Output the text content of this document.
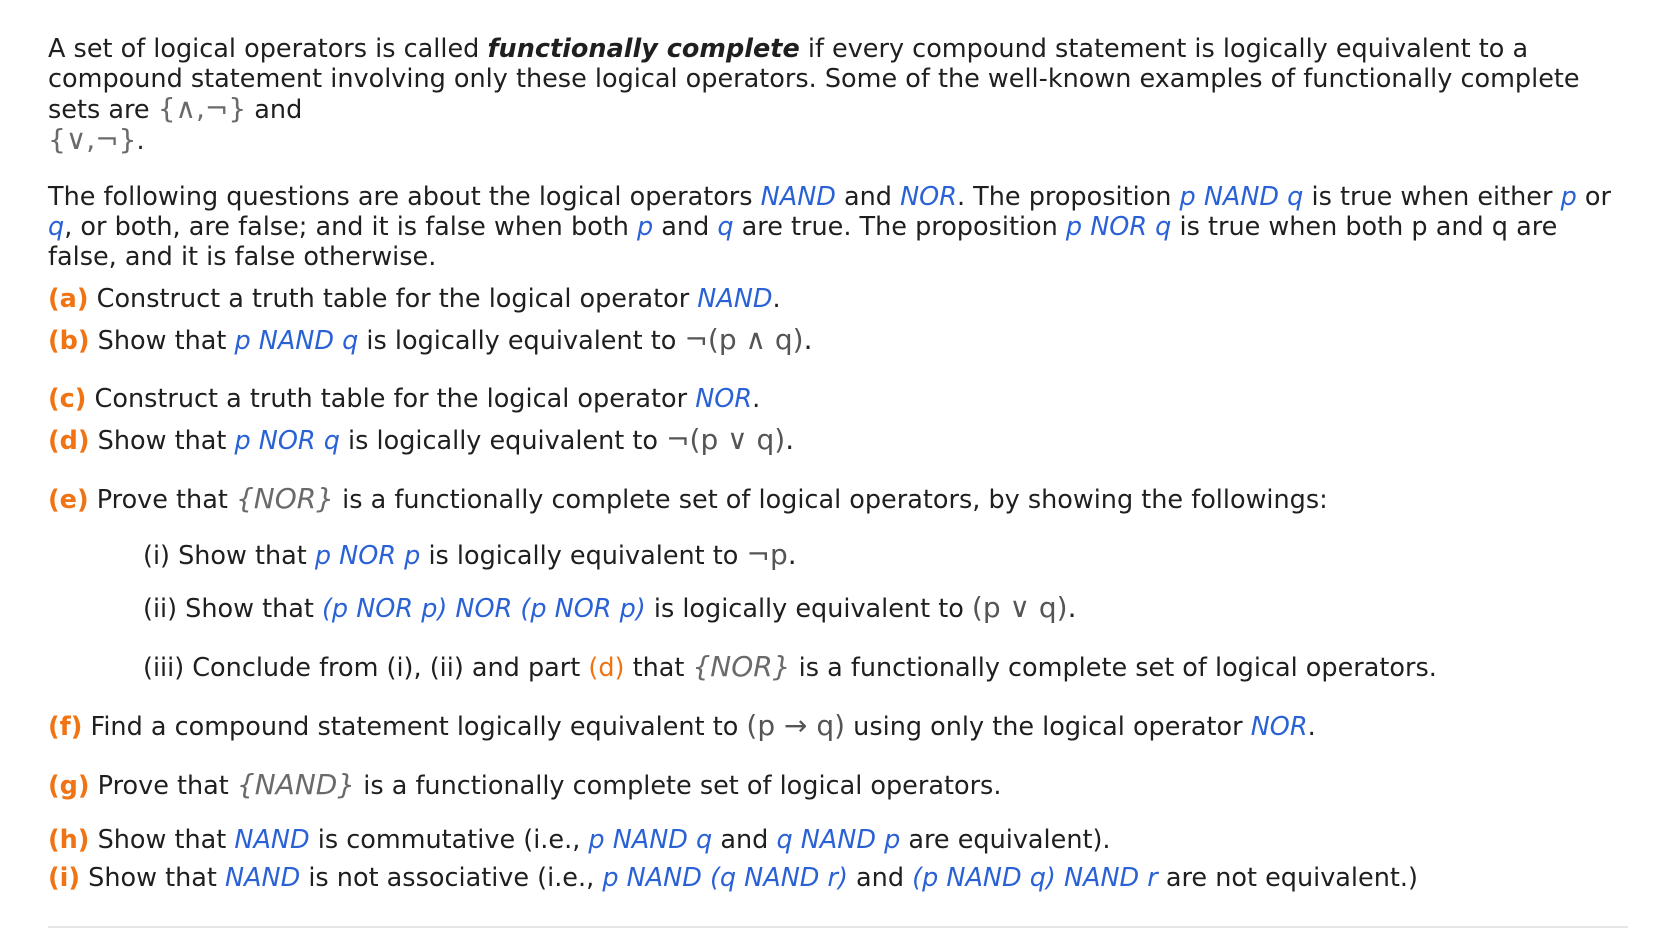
A set of logical operators is called functionally complete if every compound statement is logically equivalent to a compound statement involving only these logical operators. Some of the well-known examples of functionally complete sets are {∧,¬} and
{∨,¬}.

The following questions are about the logical operators NAND and NOR. The proposition p NAND q is true when either p or q, or both, are false; and it is false when both p and q are true. The proposition p NOR q is true when both p and q are false, and it is false otherwise.

(a) Construct a truth table for the logical operator NAND.

(b) Show that p NAND q is logically equivalent to ¬(p ∧ q).

(c) Construct a truth table for the logical operator NOR.

(d) Show that p NOR q is logically equivalent to ¬(p ∨ q).

(e) Prove that {NOR} is a functionally complete set of logical operators, by showing the followings:

(i) Show that p NOR p is logically equivalent to ¬p.

(ii) Show that (p NOR p) NOR (p NOR p) is logically equivalent to (p ∨ q).

(iii) Conclude from (i), (ii) and part (d) that {NOR} is a functionally complete set of logical operators.

(f) Find a compound statement logically equivalent to (p → q) using only the logical operator NOR.

(g) Prove that {NAND} is a functionally complete set of logical operators.

(h) Show that NAND is commutative (i.e., p NAND q and q NAND p are equivalent).

(i) Show that NAND is not associative (i.e., p NAND (q NAND r) and (p NAND q) NAND r are not equivalent.)
